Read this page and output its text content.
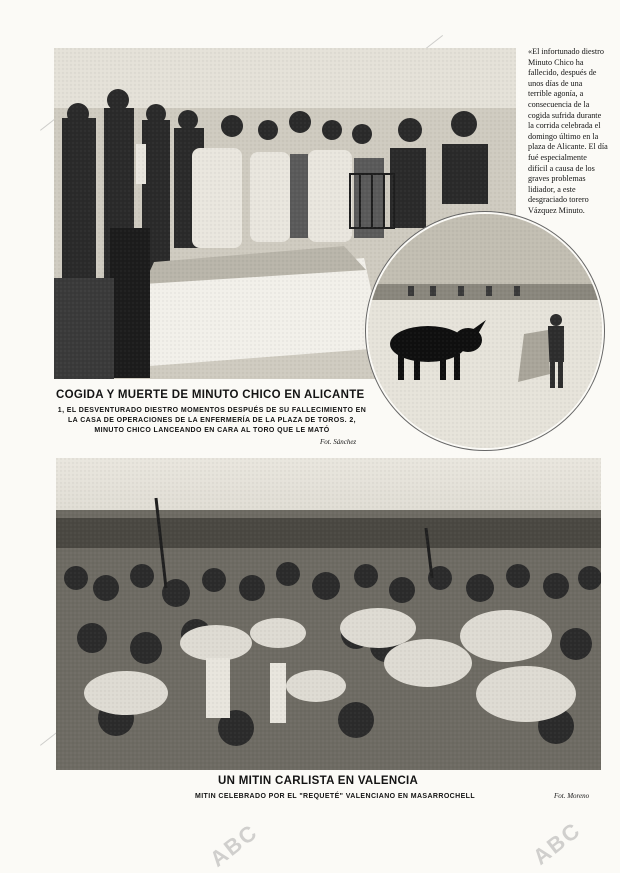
ABC	ABC
«El infortunado diestro Minuto Chico ha fallecido, después de unos días de una terrible agonía, a consecuencia de la cogida sufrida durante la corrida celebrada el domingo último en la plaza de Alicante. El día fué especialmente difícil a causa de los graves problemas lidiador, a este desgraciado torero Vázquez Minuto.
COGIDA Y MUERTE DE MINUTO CHICO EN ALICANTE
1, EL DESVENTURADO DIESTRO MOMENTOS DESPUÉS DE SU FALLECIMIENTO EN LA CASA DE OPERACIONES DE LA ENFERMERÍA DE LA PLAZA DE TOROS. 2, MINUTO CHICO LANCEANDO EN CARA AL TORO QUE LE MATÓ
Fot. Sánchez
UN MITIN CARLISTA EN VALENCIA
MITIN CELEBRADO POR EL "REQUETÉ" VALENCIANO EN MASARROCHELL	Fot. Moreno
